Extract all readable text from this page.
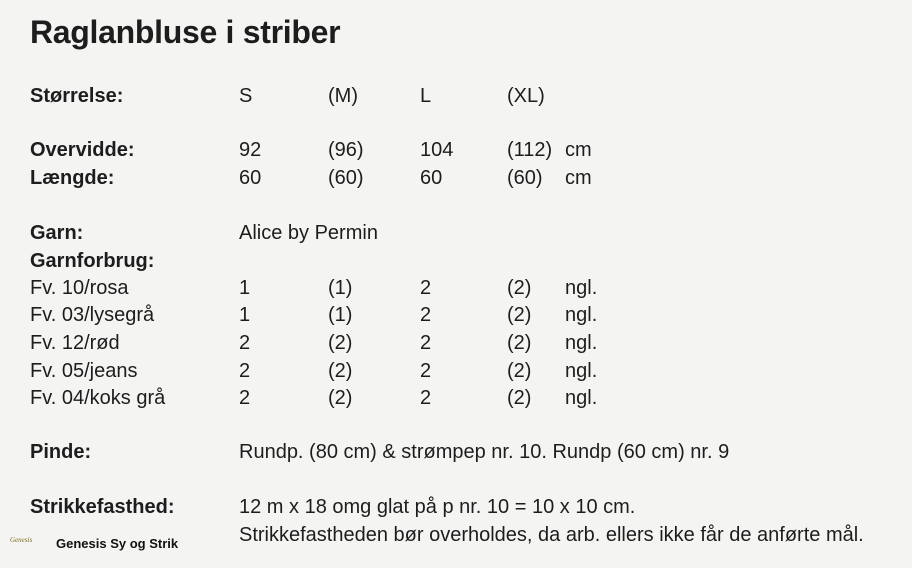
Raglanbluse i striber
Størrelse:	S	(M)	L	(XL)
Overvidde:	92	(96)	104	(112) cm
Længde:	60	(60)	60	(60) cm
Garn:	Alice by Permin
Garnforbrug:
Fv. 10/rosa	1	(1)	2	(2) ngl.
Fv. 03/lysegrå	1	(1)	2	(2) ngl.
Fv. 12/rød	2	(2)	2	(2) ngl.
Fv. 05/jeans	2	(2)	2	(2) ngl.
Fv. 04/koks grå	2	(2)	2	(2) ngl.
Pinde:	Rundp. (80 cm) & strømpep nr. 10. Rundp (60 cm) nr. 9
Strikkefasthed:	12 m x 18 omg glat på p nr. 10 = 10 x 10 cm.
Strikkefastheden bør overholdes, da arb. ellers ikke får de anførte mål.
Genesis Genesis Sy og Strik
